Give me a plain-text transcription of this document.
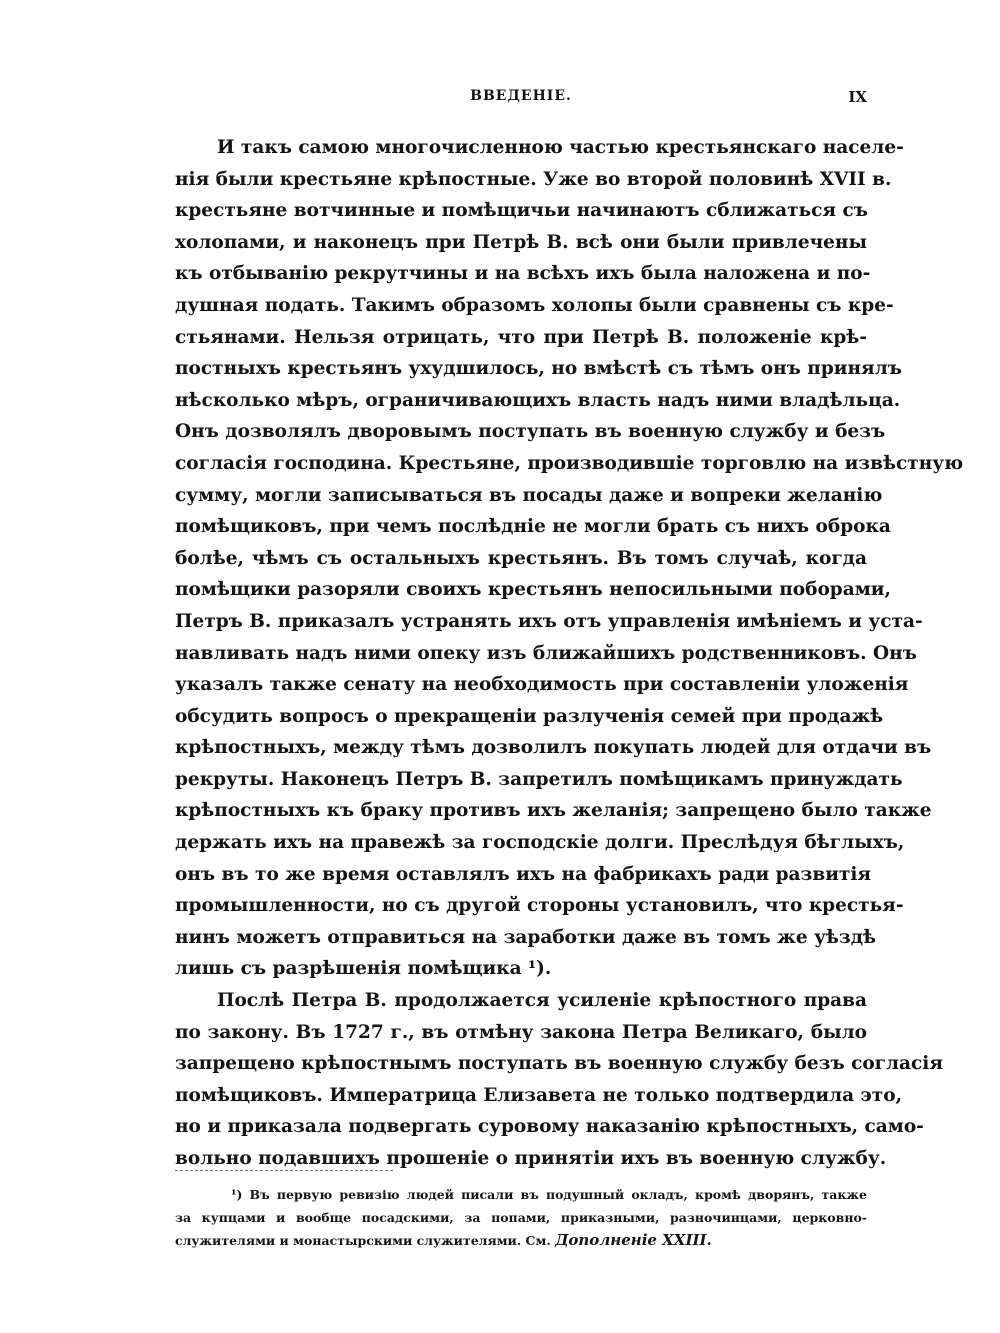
ВВЕДЕНІЕ.	IX
И такъ самою многочисленною частью крестьянскаго населе-
нія были крестьяне крѣпостные. Уже во второй половинѣ XVII в.
крестьяне вотчинные и помѣщичьи начинаютъ сближаться съ
холопами, и наконецъ при Петрѣ В. всѣ они были привлечены
къ отбыванію рекрутчины и на всѣхъ ихъ была наложена и по-
душная подать. Такимъ образомъ холопы были сравнены съ кре-
стьянами. Нельзя отрицать, что при Петрѣ В. положеніе крѣ-
постныхъ крестьянъ ухудшилось, но вмѣстѣ съ тѣмъ онъ принялъ
нѣсколько мѣръ, ограничивающихъ власть надъ ними владѣльца.
Онъ дозволялъ дворовымъ поступать въ военную службу и безъ
согласія господина. Крестьяне, производившіе торговлю на извѣстную
сумму, могли записываться въ посады даже и вопреки желанію
помѣщиковъ, при чемъ послѣдніе не могли брать съ нихъ оброка
болѣе, чѣмъ съ остальныхъ крестьянъ. Въ томъ случаѣ, когда
помѣщики разоряли своихъ крестьянъ непосильными поборами,
Петръ В. приказалъ устранять ихъ отъ управленія имѣніемъ и уста-
навливать надъ ними опеку изъ ближайшихъ родственниковъ. Онъ
указалъ также сенату на необходимость при составленіи уложенія
обсудить вопросъ о прекращеніи разлученія семей при продажѣ
крѣпостныхъ, между тѣмъ дозволилъ покупать людей для отдачи въ
рекруты. Наконецъ Петръ В. запретилъ помѣщикамъ принуждать
крѣпостныхъ къ браку противъ ихъ желанія; запрещено было также
держать ихъ на правежѣ за господскіе долги. Преслѣдуя бѣглыхъ,
онъ въ то же время оставлялъ ихъ на фабрикахъ ради развитія
промышленности, но съ другой стороны установилъ, что крестья-
нинъ можетъ отправиться на заработки даже въ томъ же уѣздѣ
лишь съ разрѣшенія помѣщика ¹).
Послѣ Петра В. продолжается усиленіе крѣпостного права
по закону. Въ 1727 г., въ отмѣну закона Петра Великаго, было
запрещено крѣпостнымъ поступать въ военную службу безъ согласія
помѣщиковъ. Императрица Елизавета не только подтвердила это,
но и приказала подвергать суровому наказанію крѣпостныхъ, само-
вольно подавшихъ прошеніе о принятіи ихъ въ военную службу.
¹) Въ первую ревизію людей писали въ подушный окладъ, кромѣ дворянъ, также
за купцами и вообще посадскими, за попами, приказными, разночинцами, церковно-
служителями и монастырскими служителями. См. Дополненіе XXIII.
